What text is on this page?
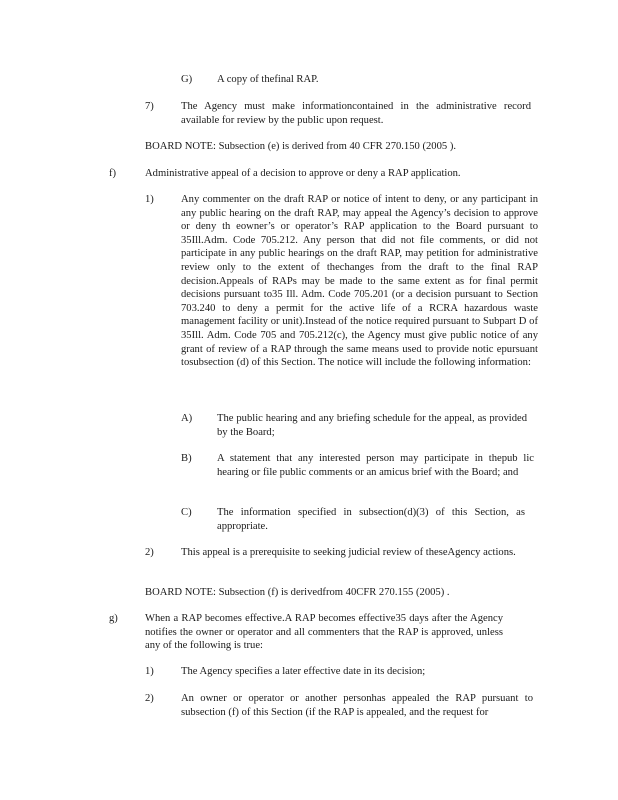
G) A copy of thefinal RAP.
7)	The Agency must make informationcontained in the administrative record available for review by the public upon request.
BOARD NOTE: Subsection (e) is derived from 40 CFR 270.150 (2005 ).
f)	Administrative appeal of a decision to approve or deny a RAP application.
1)	Any commenter on the draft RAP or notice of intent to deny, or any participant in any public hearing on the draft RAP, may appeal the Agency’s decision to approve or deny th eowner’s or operator’s RAP application to the Board pursuant to 35Ill.Adm. Code 705.212. Any person that did not file comments, or did not participate in any public hearings on the draft RAP, may petition for administrative review only to the extent of thechanges from the draft to the final RAP decision.Appeals of RAPs may be made to the same extent as for final permit decisions pursuant to35 Ill. Adm. Code 705.201 (or a decision pursuant to Section 703.240 to deny a permit for the active life of a RCRA hazardous waste management facility or unit).Instead of the notice required pursuant to Subpart D of 35Ill. Adm. Code 705 and 705.212(c), the Agency must give public notice of any grant of review of a RAP through the same means used to provide notic epursuant tosubsection (d) of this Section. The notice will include the following information:
A) The public hearing and any briefing schedule for the appeal, as provided by the Board;
B) A statement that any interested person may participate in thepub lic hearing or file public comments or an amicus brief with the Board; and
C) The information specified in subsection(d)(3) of this Section, as appropriate.
2)	This appeal is a prerequisite to seeking judicial review of theseAgency actions.
BOARD NOTE: Subsection (f) is derivedfrom 40CFR 270.155 (2005) .
g)	When a RAP becomes effective.A RAP becomes effective35 days after the Agency notifies the owner or operator and all commenters that the RAP is approved, unless any of the following is true:
1)	The Agency specifies a later effective date in its decision;
2)	An owner or operator or another personhas appealed the RAP pursuant to subsection (f) of this Section (if the RAP is appealed, and the request for
